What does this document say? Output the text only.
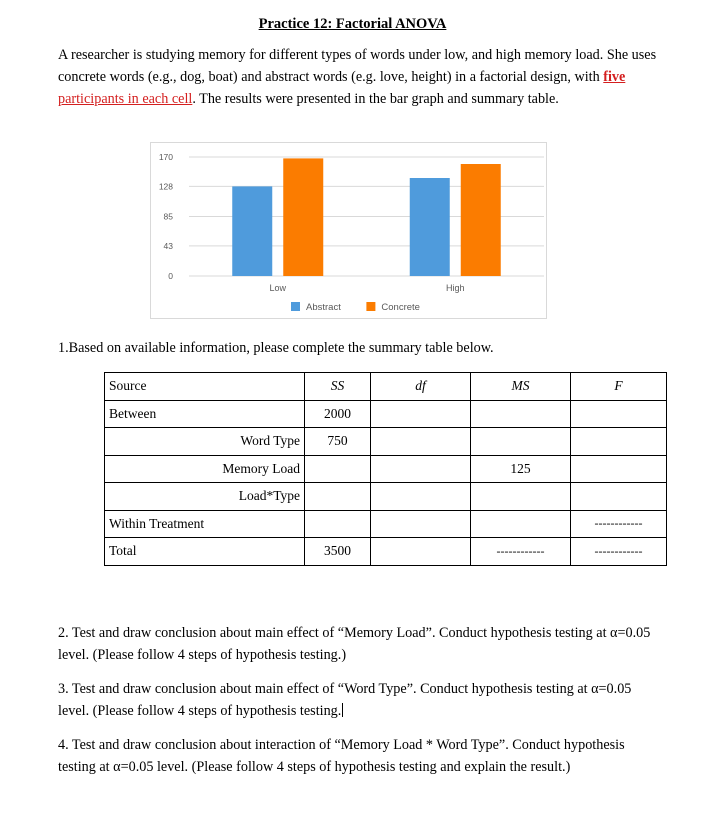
Practice 12: Factorial ANOVA

A researcher is studying memory for different types of words under low, and high memory load. She uses concrete words (e.g., dog, boat) and abstract words (e.g. love, height) in a factorial design, with five participants in each cell. The results were presented in the bar graph and summary table.

0
43
85
128
170
Low	High
Abstract	Concrete
1.Based on available information, please complete the summary table below.
Source		SS	df	MS	F
Between		2000			
Word Type		750			
Memory Load				125	
Load*Type					
Within Treatment					------------
Total		3500		------------	------------

2. Test and draw conclusion about main effect of “Memory Load”. Conduct hypothesis testing at α=0.05 level. (Please follow 4 steps of hypothesis testing.)

3. Test and draw conclusion about main effect of “Word Type”. Conduct hypothesis testing at α=0.05 level. (Please follow 4 steps of hypothesis testing.

4. Test and draw conclusion about interaction of “Memory Load * Word Type”. Conduct hypothesis testing at α=0.05 level. (Please follow 4 steps of hypothesis testing and explain the result.)
